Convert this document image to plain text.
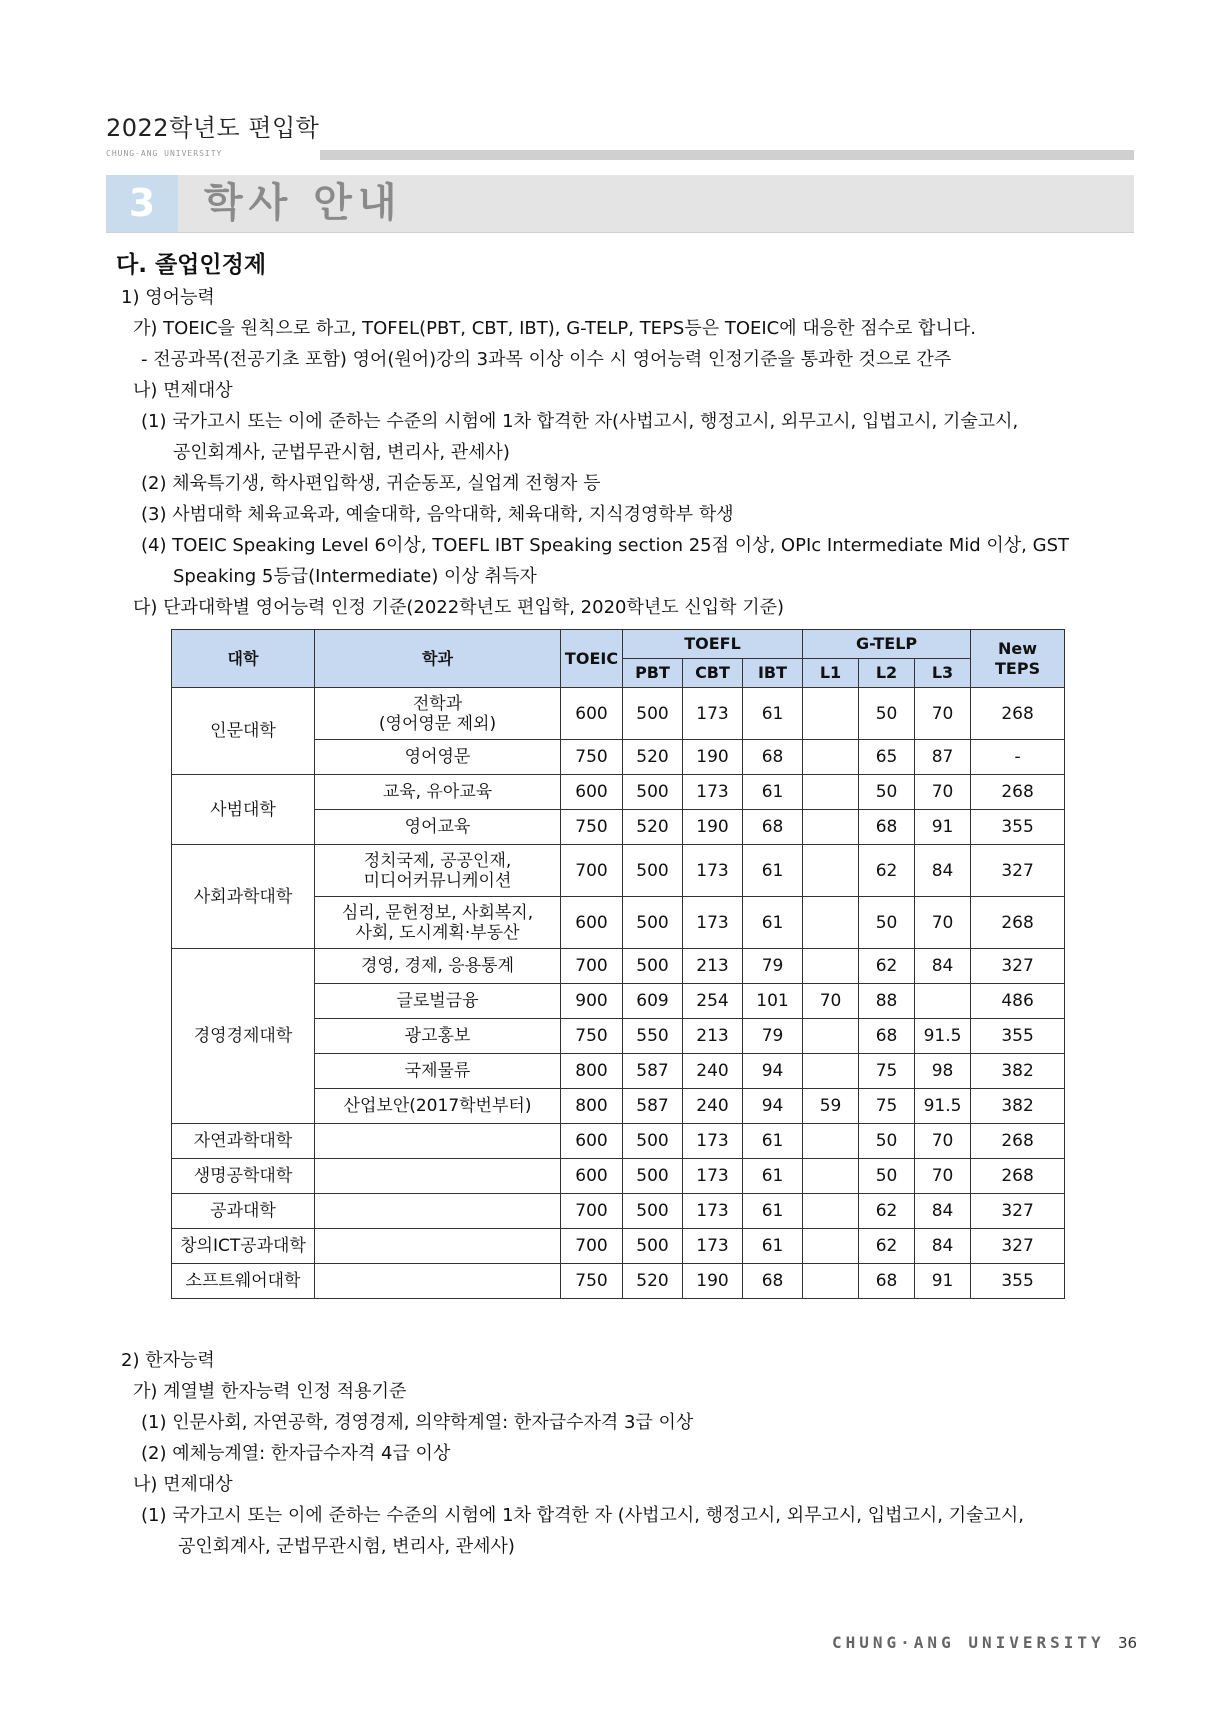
2022학년도 편입학
CHUNG-ANG UNIVERSITY
3	학사 안내
다. 졸업인정제
1) 영어능력
가) TOEIC을 원칙으로 하고, TOFEL(PBT, CBT, IBT), G-TELP, TEPS등은 TOEIC에 대응한 점수로 합니다.
- 전공과목(전공기초 포함) 영어(원어)강의 3과목 이상 이수 시 영어능력 인정기준을 통과한 것으로 간주
나) 면제대상
(1) 국가고시 또는 이에 준하는 수준의 시험에 1차 합격한 자(사법고시, 행정고시, 외무고시, 입법고시, 기술고시,
공인회계사, 군법무관시험, 변리사, 관세사)
(2) 체육특기생, 학사편입학생, 귀순동포, 실업계 전형자 등
(3) 사범대학 체육교육과, 예술대학, 음악대학, 체육대학, 지식경영학부 학생
(4) TOEIC Speaking Level 6이상, TOEFL IBT Speaking section 25점 이상, OPIc Intermediate Mid 이상, GST
Speaking 5등급(Intermediate) 이상 취득자
다) 단과대학별 영어능력 인정 기준(2022학년도 편입학, 2020학년도 신입학 기준)
대학	학과	TOEIC	TOEFL			G-TELP			New
TEPS

			PBT	CBT	IBT	L1	L2	L3	
인문대학	전학과
(영어영문 제외)	600	500	173	61		50	70	268
	영어영문	750	520	190	68		65	87	-
사범대학	교육, 유아교육	600	500	173	61		50	70	268
	영어교육	750	520	190	68		68	91	355
사회과학대학	정치국제, 공공인재,
미디어커뮤니케이션	700	500	173	61		62	84	327

	심리, 문헌정보, 사회복지,
사회, 도시계획·부동산	600	500	173	61		50	70	268
경영경제대학	경영, 경제, 응용통계	700	500	213	79		62	84	327
	글로벌금융	900	609	254	101	70	88		486
	광고홍보	750	550	213	79		68	91.5	355
	국제물류	800	587	240	94		75	98	382
	산업보안(2017학번부터)	800	587	240	94	59	75	91.5	382
자연과학대학		600	500	173	61		50	70	268
생명공학대학		600	500	173	61		50	70	268
공과대학		700	500	173	61		62	84	327
창의ICT공과대학		700	500	173	61		62	84	327
소프트웨어대학		750	520	190	68		68	91	355
2) 한자능력
가) 계열별 한자능력 인정 적용기준
(1) 인문사회, 자연공학, 경영경제, 의약학계열: 한자급수자격 3급 이상
(2) 예체능계열: 한자급수자격 4급 이상
나) 면제대상
(1) 국가고시 또는 이에 준하는 수준의 시험에 1차 합격한 자 (사법고시, 행정고시, 외무고시, 입법고시, 기술고시,
공인회계사, 군법무관시험, 변리사, 관세사)
CHUNG·ANG UNIVERSITY 36
